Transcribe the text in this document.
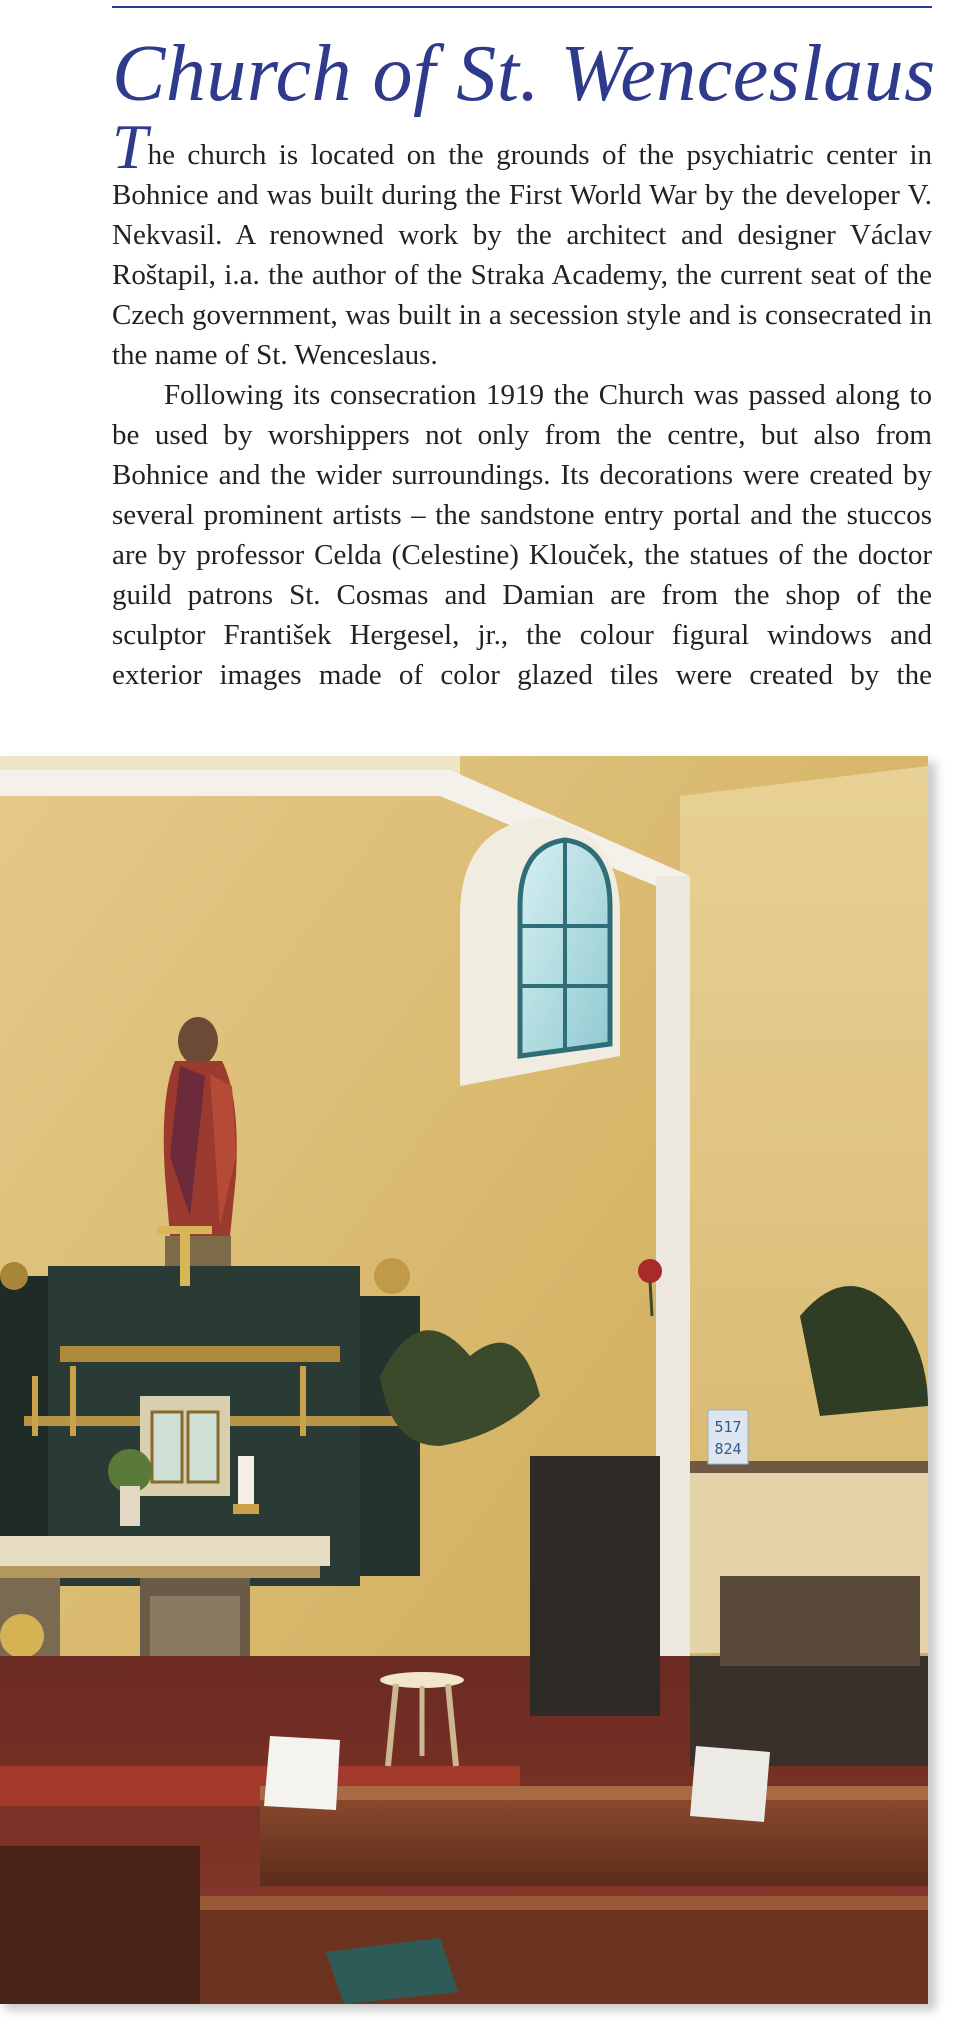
Church of St. Wenceslaus

The church is located on the grounds of the psychiatric center in Bohnice and was built during the First World War by the developer V. Nekvasil. A renowned work by the architect and designer Václav Roštapil, i.a. the author of the Straka Academy, the current seat of the Czech government, was built in a secession style and is consecrated in the name of St. Wenceslaus.

Following its consecration 1919 the Church was passed along to be used by worshippers not only from the centre, but also from Bohnice and the wider surroundings. Its decorations were created by several prominent artists – the sandstone entry portal and the stuccos are by professor Celda (Celestine) Klouček, the statues of the doctor guild patrons St. Cosmas and Damian are from the shop of the sculptor František Hergesel, jr., the colour figural windows and exterior images made of color glazed tiles were created by the

517
824
